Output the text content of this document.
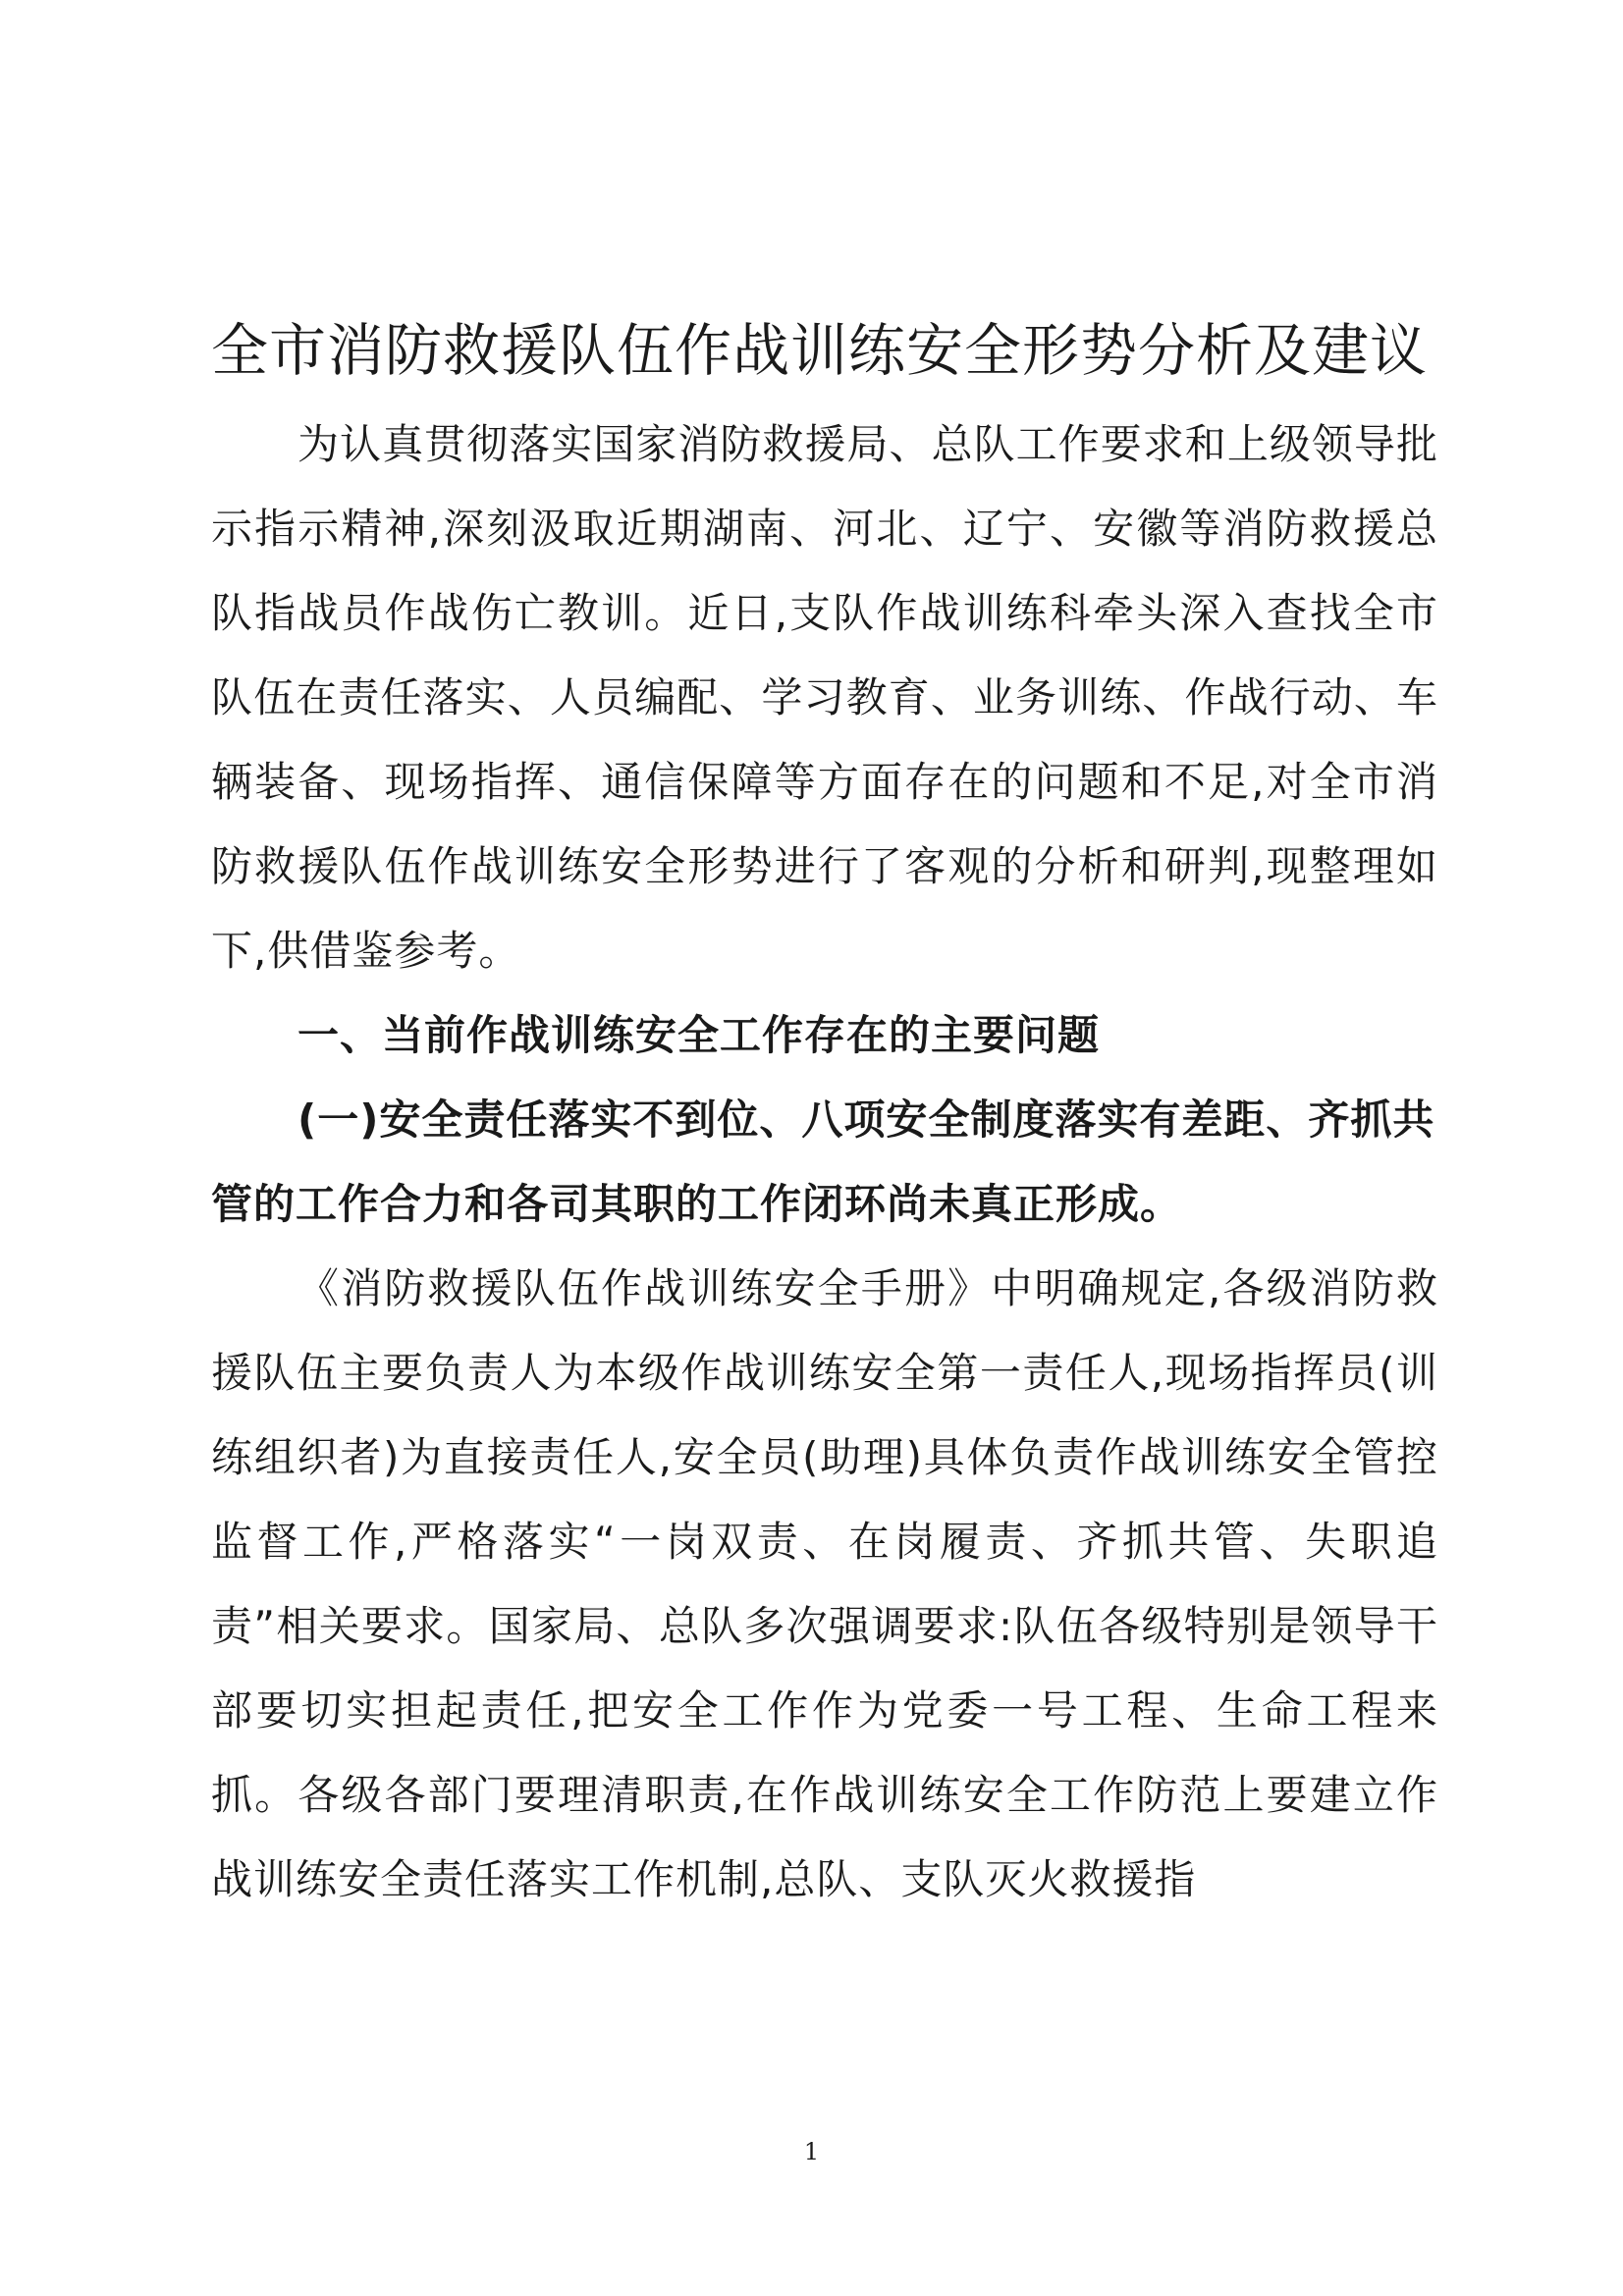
全市消防救援队伍作战训练安全形势分析及建议

为认真贯彻落实国家消防救援局、总队工作要求和上级领导批示指示精神,深刻汲取近期湖南、河北、辽宁、安徽等消防救援总队指战员作战伤亡教训。近日,支队作战训练科牵头深入查找全市队伍在责任落实、人员编配、学习教育、业务训练、作战行动、车辆装备、现场指挥、通信保障等方面存在的问题和不足,对全市消防救援队伍作战训练安全形势进行了客观的分析和研判,现整理如下,供借鉴参考。

一、当前作战训练安全工作存在的主要问题

(一)安全责任落实不到位、八项安全制度落实有差距、齐抓共管的工作合力和各司其职的工作闭环尚未真正形成。

《消防救援队伍作战训练安全手册》中明确规定,各级消防救援队伍主要负责人为本级作战训练安全第一责任人,现场指挥员(训练组织者)为直接责任人,安全员(助理)具体负责作战训练安全管控监督工作,严格落实“一岗双责、在岗履责、齐抓共管、失职追责”相关要求。国家局、总队多次强调要求:队伍各级特别是领导干部要切实担起责任,把安全工作作为党委一号工程、生命工程来抓。各级各部门要理清职责,在作战训练安全工作防范上要建立作战训练安全责任落实工作机制,总队、支队灭火救援指

1
